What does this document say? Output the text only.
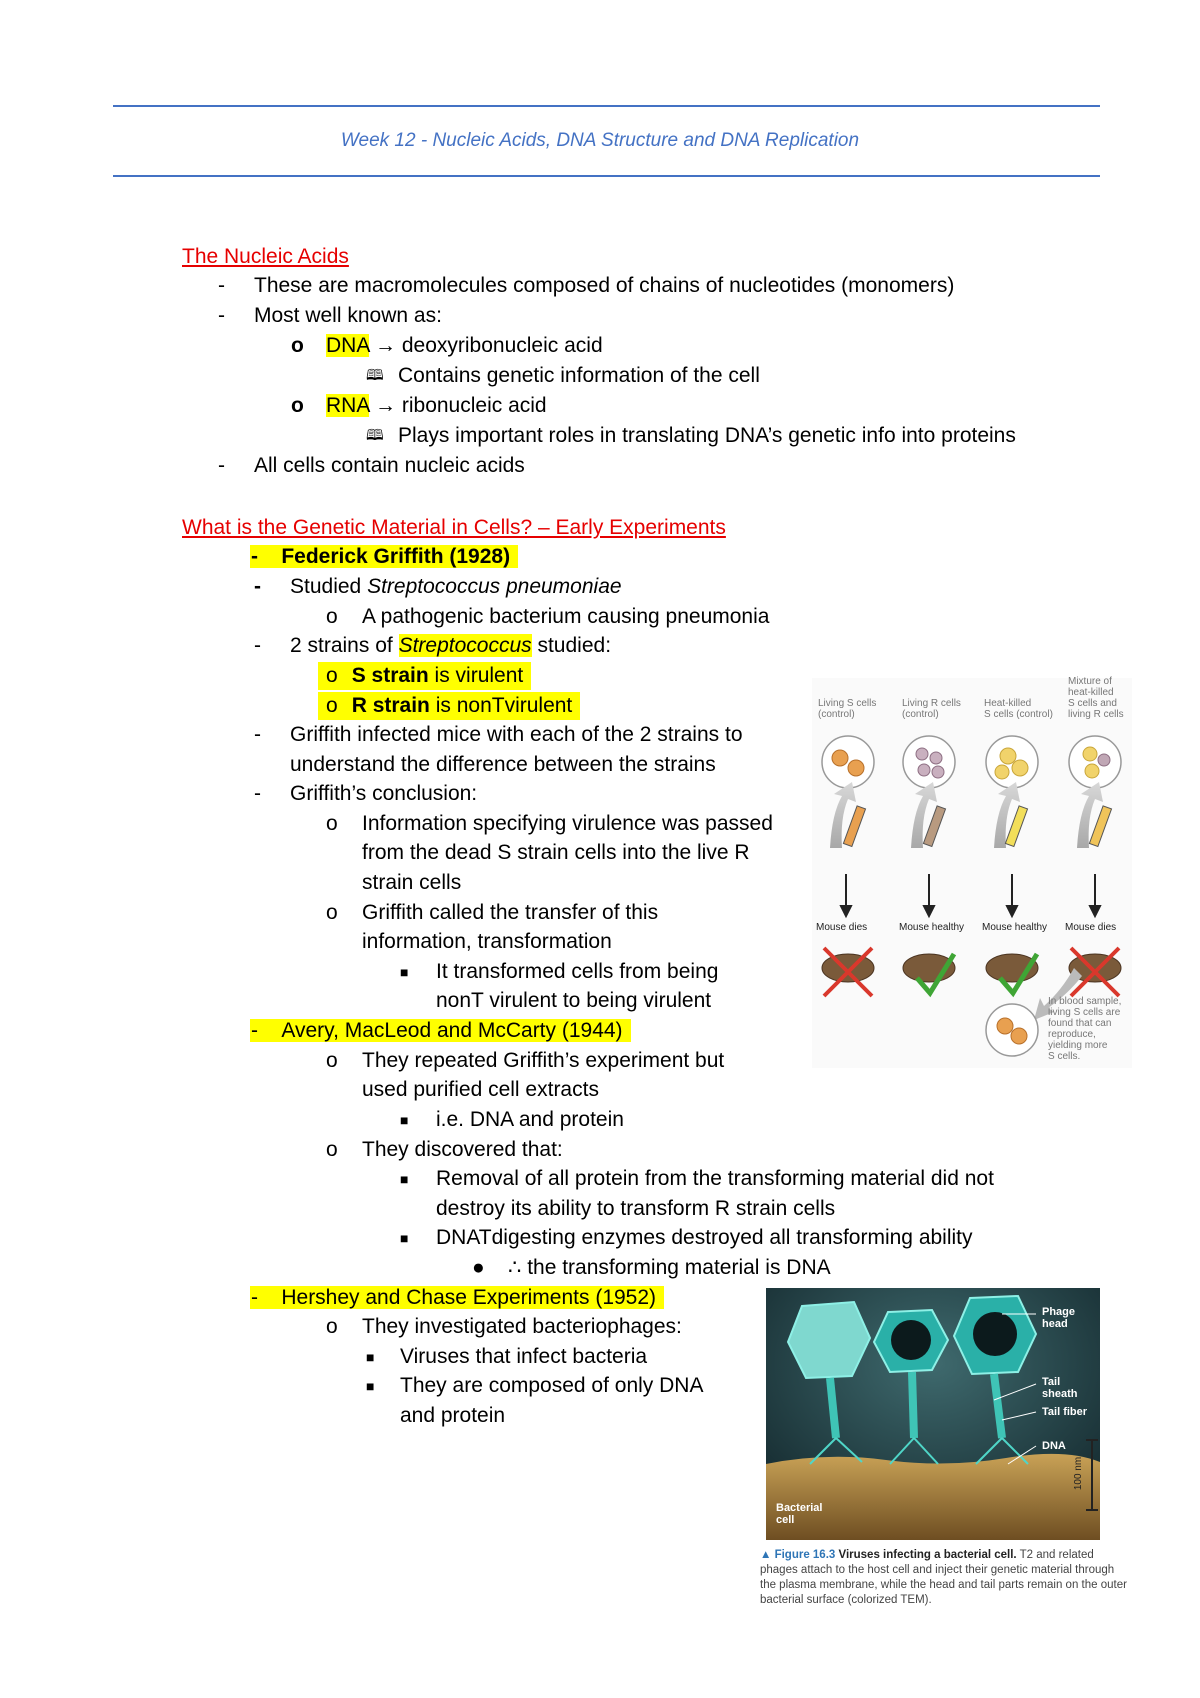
Week 12 - Nucleic Acids, DNA Structure and DNA Replication
The Nucleic Acids
- These are macromolecules composed of chains of nucleotides (monomers)
- Most well known as:
o DNA → deoxyribonucleic acid
🕮 Contains genetic information of the cell
o RNA → ribonucleic acid
🕮 Plays important roles in translating DNA’s genetic info into proteins
- All cells contain nucleic acids
What is the Genetic Material in Cells? – Early Experiments
-    Federick Griffith (1928)
- Studied Streptococcus pneumoniae
o A pathogenic bacterium causing pneumonia
- 2 strains of Streptococcus studied:
o S strain is virulent
o R strain is nonTvirulent
- Griffith infected mice with each of the 2 strains to
understand the difference between the strains
- Griffith’s conclusion:
o Information specifying virulence was passed
from the dead S strain cells into the live R
strain cells
o Griffith called the transfer of this
information, transformation
■ It transformed cells from being
nonT virulent to being virulent
-    Avery, MacLeod and McCarty (1944)
o They repeated Griffith’s experiment but
used purified cell extracts
■ i.e. DNA and protein
o They discovered that:
■ Removal of all protein from the transforming material did not
destroy its ability to transform R strain cells
■ DNATdigesting enzymes destroyed all transforming ability
● ∴ the transforming material is DNA
-    Hershey and Chase Experiments (1952)
o They investigated bacteriophages:
■ Viruses that infect bacteria
■ They are composed of only DNA
and protein
Living S cells
(control)
Living R cells
(control)
Heat-killed
S cells (control)
Mixture of
heat-killed
S cells and
living R cells
Mouse dies	Mouse healthy Mouse healthy Mouse dies
In blood sample,
living S cells are
found that can
reproduce,
yielding more
S cells.
Phage
head
Tail
sheath
Tail fiber
DNA
Bacterial
cell
100 nm
▲ Figure 16.3 Viruses infecting a bacterial cell. T2 and related phages attach to the host cell and inject their genetic material through the plasma membrane, while the head and tail parts remain on the outer bacterial surface (colorized TEM).
